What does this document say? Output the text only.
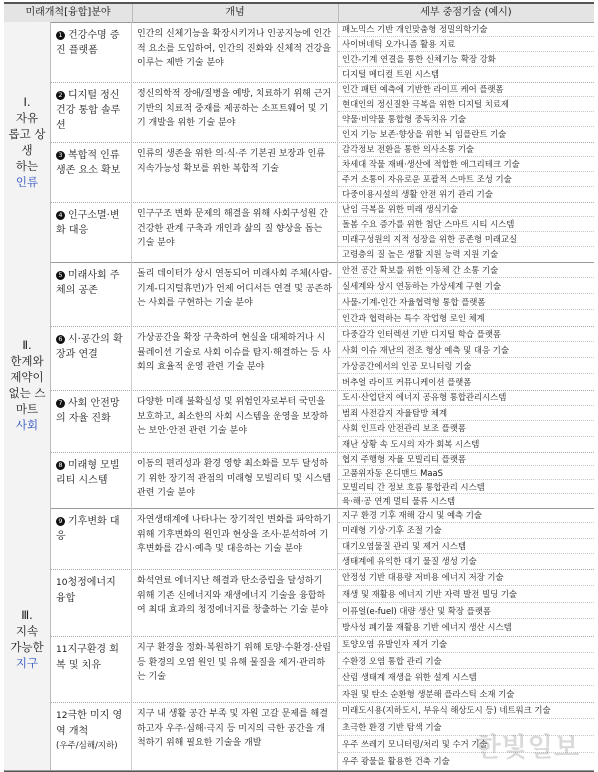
미래개척[융합]분야	개념	세부 중점기술 (예시)
Ⅰ.
자유
롭고 상
생
하는
인류
1 건강수명 증진 플랫폼
인간의 신체기능을 확장시키거나 인공지능에 인간적 요소를 도입하여, 인간의 진화와 신체적 건강을 이루는 제반 기술 분야
패노믹스 기반 개인맞춤형 정밀의학기술
사이버네틱 오가니즘 활용 지료
인간-기계 연결을 통한 신체기능 확장 강화
디지털 메디컬 트윈 시스템
2 디지털 정신건강 통합 솔루션
정신의학적 장애/질병을 예방, 치료하기 위해 근거 기반의 치료적 중재를 제공하는 소프트웨어 및 기기 개발을 위한 기술 분야
인간 패턴 예측에 기반한 라이프 케어 플랫폼
현대인의 정신질환 극복을 위한 디지털 치료제
약물·비약물 통합형 중독치유 기술
인지 기능 보존·향상을 위한 뇌 임플란트 기술
3 복합적 인류생존 요소 확보
인류의 생존을 위한 의·식·주 기본권 보장과 인류 지속가능성 확보를 위한 복합적 기술
감각정보 전환을 통한 의사소통 기술
차세대 작물 재배·생산에 적합한 애그리테크 기술
주거 소통이 자유로운 포괄적 스마트 조성 기술
다중이용시설의 생활 안전 위기 관리 기술
4 인구소멸·변화 대응
인구구조 변화 문제의 해결을 위해 사회구성원 간 건강한 관계 구축과 개인과 삶의 질 향상을 돕는 기술 분야
난임 극복을 위한 미래 생식기술
돌봄 수요 증가를 위한 첨단 스마트 시티 시스템
미래구성원의 지적 성장을 위한 공존형 미래교실
고령층의 질 높은 생활 지원 능력 지원 기술
Ⅱ.
한계와
제약이
없는 스
마트
사회
5 미래사회 주체의 공존
돌리 데이터가 상시 연동되어 미래사회 주체(사람-기계-디지털휴먼)가 언제 어디서든 연결 및 공존하는 사회를 구현하는 기술 분야
안전 공간 확보를 위한 이동체 간 소통 기술
실세계와 상시 연동하는 가상세계 구현 기술
사물-기계-인간 자율협력형 통합 플랫폼
인간과 협력하는 특수 작업형 로인 체계
6 시·공간의 확장과 연결
가상공간을 확장 구축하여 현실을 대체하거나 시뮬레이션 기술로 사회 이슈를 탐지·해결하는 등 사회의 효율적 운영 관련 기술 분야
다중감각 인터렉션 기반 디지털 학습 플랫폼
사회 이슈 재난의 전조 형상 예측 및 대응 기술
가상공간에서의 인공 모니터링 기술
버추얼 라이프 커뮤니케이션 플랫폼
7 사회 안전망의 자율 진화
다양한 미래 불확실성 및 위험인자로부터 국민을 보호하고, 최소한의 사회 시스템을 운영을 보장하는 보안·안전 관련 기술 분야
도시·산업단지 에너지 공유형 통합관리시스템
범죄 사전감지 자율탐방 체계
사회 인프라 안전관리 보조 플랫폼
재난 상황 속 도시의 자가 회복 시스템
8 미래형 모빌리티 시스템
이동의 편리성과 환경 영향 최소화를 모두 달성하기 위한 장기적 관점의 미래형 모빌리티 및 시스템 관련 기술 분야
협지 주행형 자율 모빌리티 플랫폼
고품위자동 온디맨드 MaaS
모빌리티 간 정보 흐름 통합관리 시스템
육·해·공 연계 멀티 물류 시스템
Ⅲ.
지속
가능한
지구
9 기후변화 대응
자연생태계에 나타나는 장기적인 변화를 파악하기 위해 기후변화의 원인과 현상을 조사·분석하여 기후변화를 감시·예측 및 대응하는 기술 분야
지구 환경 기후 재해 감시 및 예측 기술
미래형 기상·기후 조절 기술
대기오염물질 관리 및 제거 시스템
생태계에 유익한 대기 물질 생성 기술
10청정에너지 융합
화석연료 에너지난 해결과 탄소중립을 달성하기 위해 기존 신에너지와 재생에너지 기술을 융합하여 최대 효과의 청정에너지를 창출하는 기술 분야
안정성 기반 대용량 저비용 에너지 저장 기술
재생 및 재활용 에너지 기반 자력 발전 빌딩 기술
이퓨얼(e-fuel) 대량 생산 및 확장 플랫폼
방사성 폐기물 재활용 기반 에너지 생산 시스템
11지구환경 회복 및 치유
지구 환경을 정화·복원하기 위해 토양·수환경·산림 등 환경의 오염 원인 및 유해 물질을 제거·관리하는 기술
토양오염 유발인자 제거 기술
수환경 오염 통합 관리 기술
산림 생태계 재생을 위한 설계 시스템
자원 및 탄소 순환형 생분해 플라스틱 소재 기술
12극한 미지 영역 개척
(우주/심해/지하)
지구 내 생활 공간 부족 및 자원 고갈 문제를 해결하고자 우주·심해·극지 등 미지의 극한 공간을 개척하기 위해 필요한 기술을 개발
미래도시용(지하도시, 부유식 해상도시 등) 네트워크 기술
초극한 환경 기반 탐색 기술
우주 쓰레기 모니터링/처리 및 수거 기술
우주 광물을 활용한 건축 기술 한빛일보
